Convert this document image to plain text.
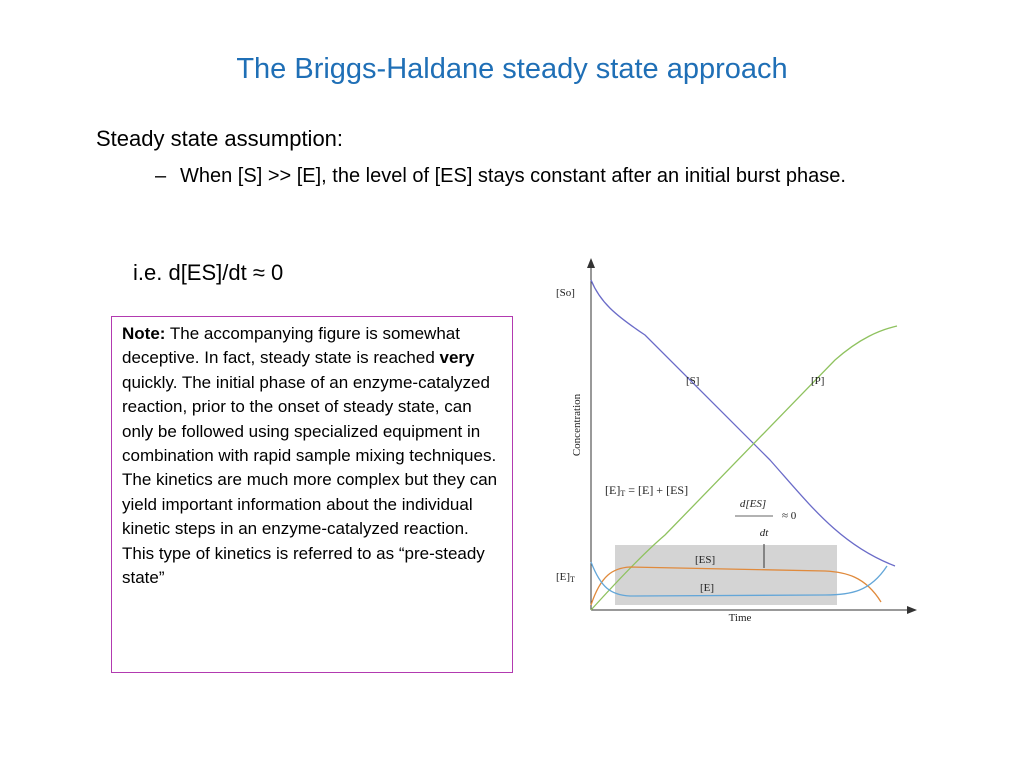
The Briggs-Haldane steady state approach
Steady state assumption:
– When [S] >> [E], the level of [ES] stays constant after an initial burst phase.
i.e. d[ES]/dt ≈ 0
Note: The accompanying figure is somewhat deceptive. In fact, steady state is reached very quickly. The initial phase of an enzyme-catalyzed reaction, prior to the onset of steady state, can only be followed using specialized equipment in combination with rapid sample mixing techniques. The kinetics are much more complex but they can yield important information about the individual kinetic steps in an enzyme-catalyzed reaction. This type of kinetics is referred to as “pre-steady state”
Concentration
Time
[So]
[E]T
[S]	[P]
[ES]
[E]
[E]T = [E] + [ES]
d[ES]
dt
≈ 0
